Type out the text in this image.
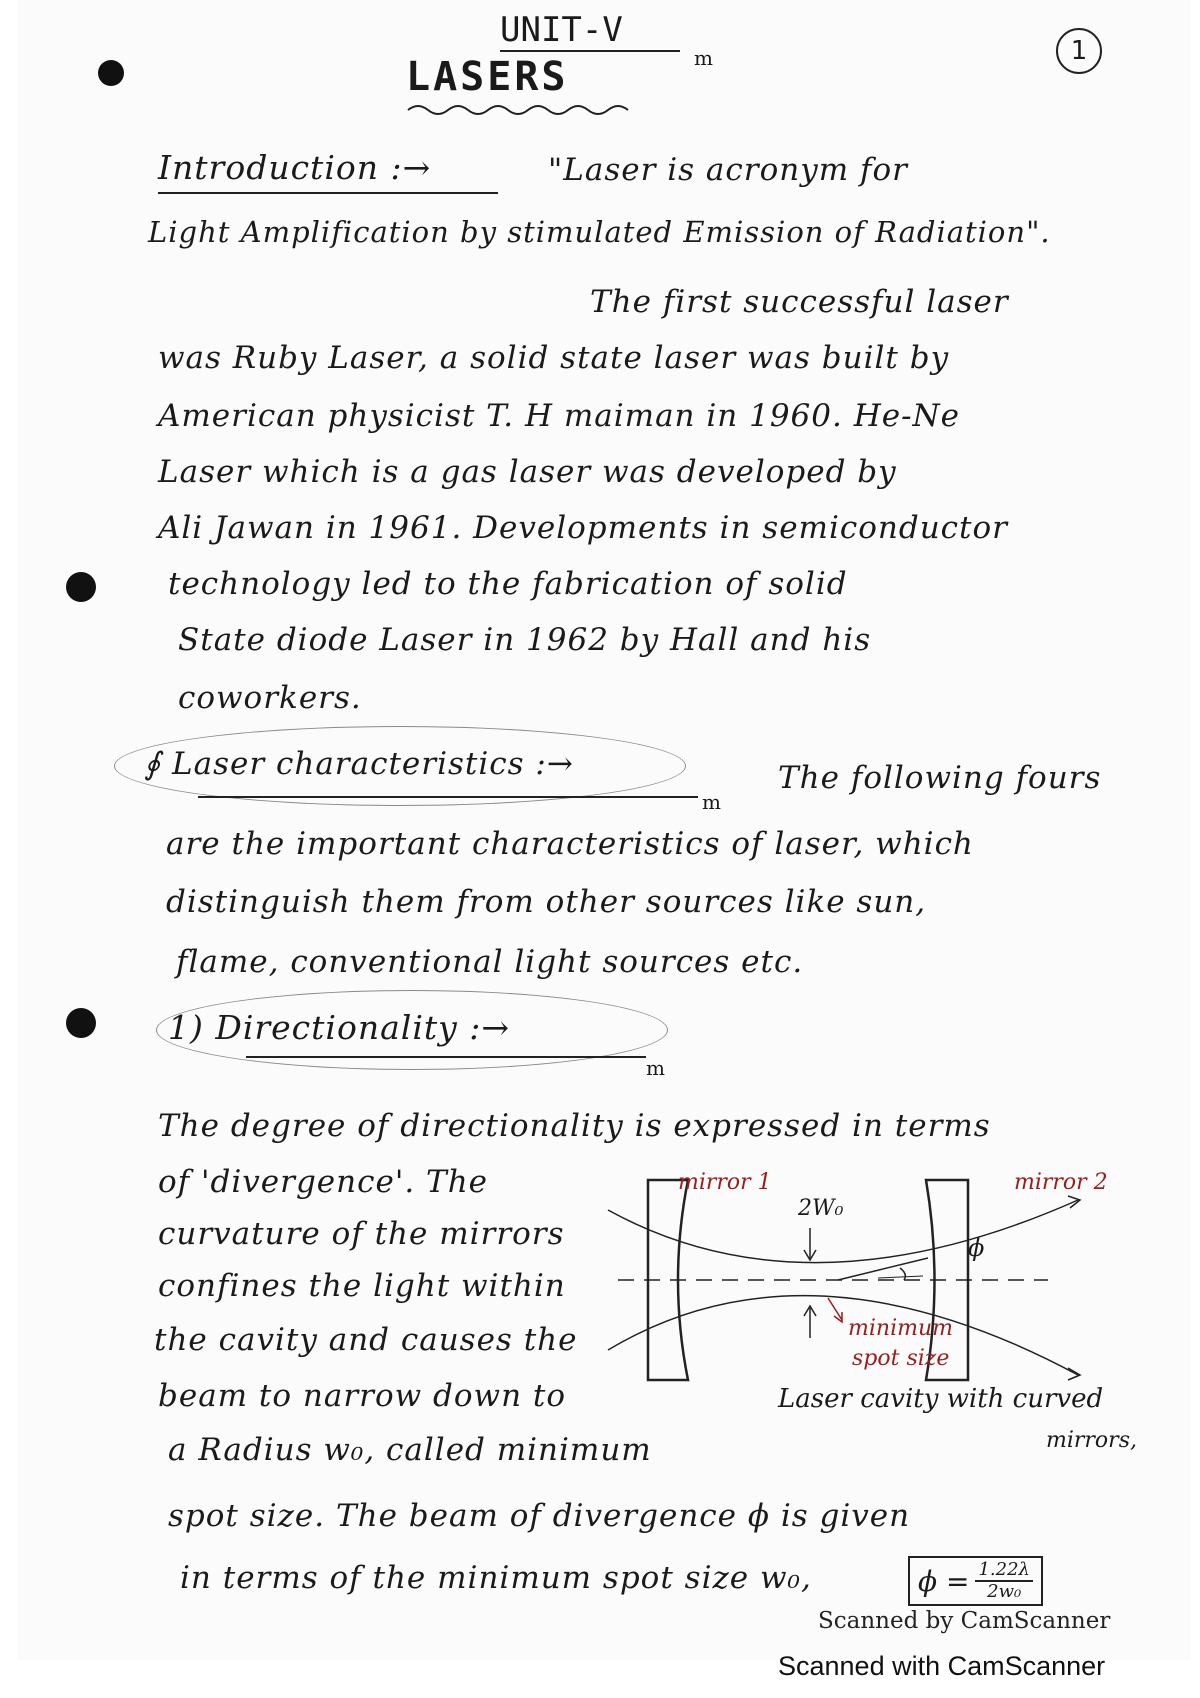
UNIT-V
m
LASERS
1
Introduction :→	"Laser is acronym for
Light Amplification by stimulated Emission of Radiation".
The first successful laser
was Ruby Laser, a solid state laser was built by
American physicist T. H maiman in 1960. He-Ne
Laser which is a gas laser was developed by
Ali Jawan in 1961. Developments in semiconductor
technology led to the fabrication of solid
State diode Laser in 1962 by Hall and his
coworkers.
∮ Laser characteristics :→
m
The following fours
are the important characteristics of laser, which
distinguish them from other sources like sun,
flame, conventional light sources etc.
1) Directionality :→
m
The degree of directionality is expressed in terms
of 'divergence'. The
curvature of the mirrors
confines the light within
the cavity and causes the
beam to narrow down to
a Radius w₀, called minimum
spot size. The beam of divergence ϕ is given
in terms of the minimum spot size w₀,	$\phi = \frac{1.22\lambda}{\text{2w₀}}$
mirror 1	mirror 2
2W₀
ϕ
minimum
spot size
Laser cavity with curved
mirrors,
Scanned by CamScanner
Scanned with CamScanner
